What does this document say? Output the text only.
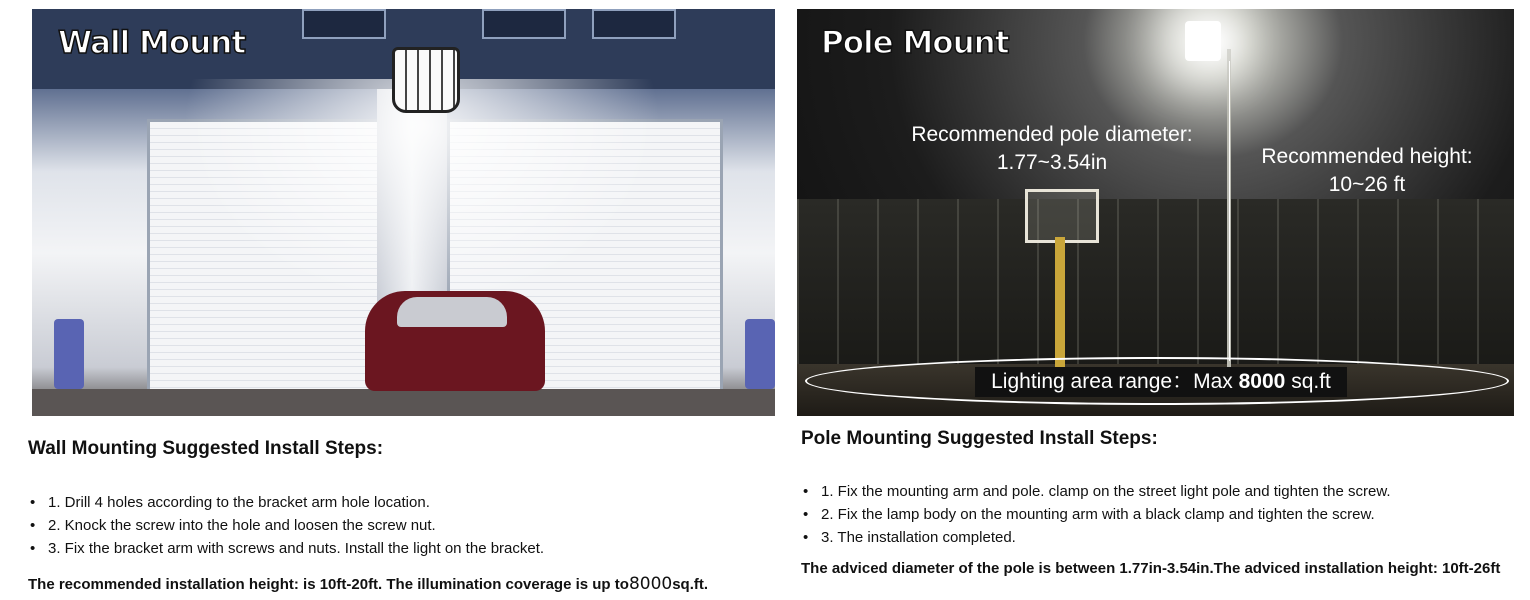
Wall Mount	Pole Mount
Recommended pole diameter:
1.77~3.54in	Recommended height:
10~26 ft
Lighting area range：Max 8000 sq.ft
Wall Mounting Suggested Install Steps:
• 1. Drill 4 holes according to the bracket arm hole location.
• 2. Knock the screw into the hole and loosen the screw nut.
• 3. Fix the bracket arm with screws and nuts. Install the light on the bracket.
The recommended installation height: is 10ft-20ft. The illumination coverage is up to8000sq.ft.
Pole Mounting Suggested Install Steps:
• 1. Fix the mounting arm and pole. clamp on the street light pole and tighten the screw.
• 2. Fix the lamp body on the mounting arm with a black clamp and tighten the screw.
• 3. The installation completed.
The adviced diameter of the pole is between 1.77in-3.54in.The adviced installation height: 10ft-26ft
